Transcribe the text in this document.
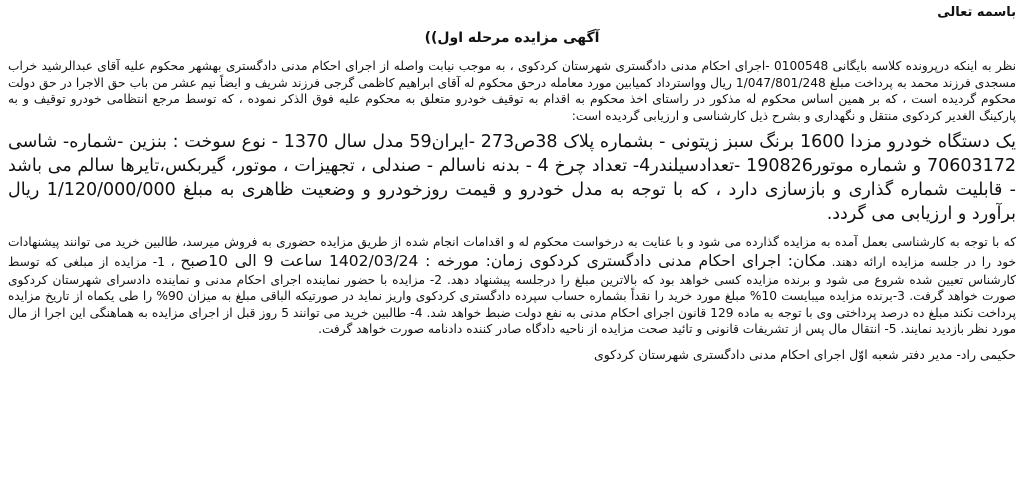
باسمه تعالی
آگهی مزایده مرحله اول))

نظر به اینکه درپرونده کلاسه بایگانی 0100548 -اجرای احکام مدنی دادگستری شهرستان کردکوی ، به موجب نیابت واصله از اجرای احکام مدنی دادگستری بهشهر محکوم علیه آقای عبدالرشید خراب مسجدی فرزند محمد به پرداخت مبلغ 1/047/801/248 ریال وواسترداد کمیابین مورد معامله درحق محکوم له آقای ابراهیم کاظمی گرجی فرزند شریف و ایضاً نیم عشر من باب حق الاجرا در حق دولت محکوم گردیده است ، که بر همین اساس محکوم له مذکور در راستای اخذ محکوم به اقدام به توقیف خودرو متعلق به محکوم علیه فوق الذکر نموده ، که توسط مرجع انتظامی خودرو توقیف و به پارکینگ الغدیر کردکوی منتقل و نگهداری و بشرح ذیل کارشناسی و ارزیابی گردیده است:

یک دستگاه خودرو مزدا 1600 برنگ سبز زیتونی - بشماره پلاک 38ص273 -ایران59 مدل سال 1370 - نوع سوخت : بنزین -شماره- شاسی 70603172 و شماره موتور190826 -تعدادسیلندر4- تعداد چرخ 4 - بدنه ناسالم - صندلی ، تجهیزات ، موتور، گیربکس،تایرها سالم می باشد - قابلیت شماره گذاری و بازسازی دارد ، که با توجه به مدل خودرو و قیمت روزخودرو و وضعیت ظاهری به مبلغ 1/120/000/000 ریال برآورد و ارزیابی می گردد.

که با توجه به کارشناسی بعمل آمده به مزایده گذارده می شود و با عنایت به درخواست محکوم له و اقدامات انجام شده از طریق مزایده حضوری به فروش میرسد، طالبین خرید می توانند پیشنهادات خود را در جلسه مزایده ارائه دهند. مکان: اجرای احکام مدنی دادگستری کردکوی زمان: مورخه : 1402/03/24 ساعت 9 الی 10صبح ، 1- مزایده از مبلغی که توسط کارشناس تعیین شده شروع می شود و برنده مزایده کسی خواهد بود که بالاترین مبلغ را درجلسه پیشنهاد دهد. 2- مزایده با حضور نماینده اجرای احکام مدنی و نماینده دادسرای شهرستان کردکوی صورت خواهد گرفت. 3-برنده مزایده میبایست 10% مبلغ مورد خرید را نقداً بشماره حساب سپرده دادگستری کردکوی واریز نماید در صورتیکه الباقی مبلغ به میزان 90% را طی یکماه از تاریخ مزایده پرداخت نکند مبلغ ده درصد پرداختی وی با توجه به ماده 129 قانون اجرای احکام مدنی به نفع دولت ضبط خواهد شد. 4- طالبین خرید می توانند 5 روز قبل از اجرای مزایده به هماهنگی این اجرا از مال مورد نظر بازدید نمایند. 5- انتقال مال پس از تشریفات قانونی و تائید صحت مزایده از ناحیه دادگاه صادر کننده دادنامه صورت خواهد گرفت.

حکیمی راد- مدیر دفتر شعبه اوّل اجرای احکام مدنی دادگستری شهرستان کردکوی
